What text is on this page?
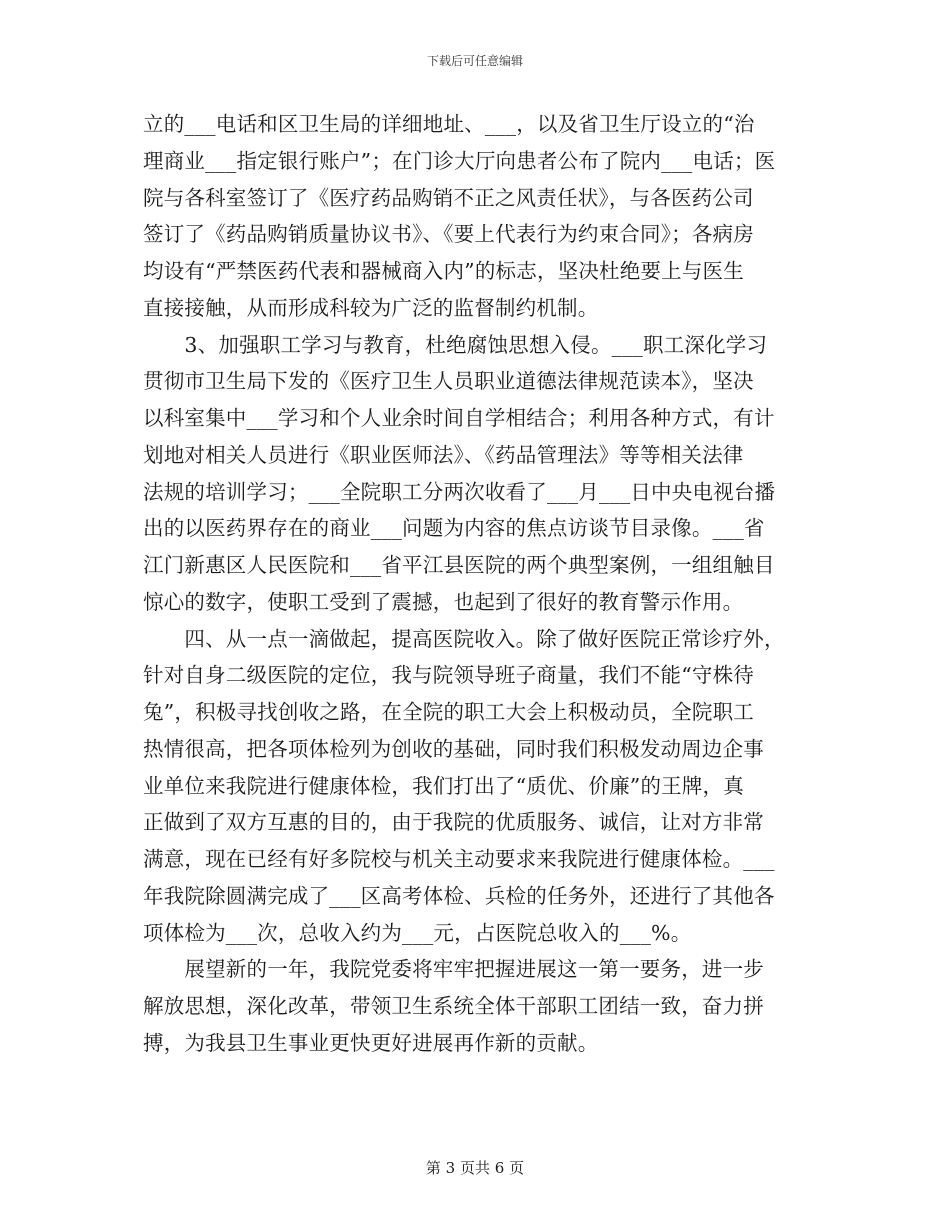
下载后可任意编辑
立的___电话和区卫生局的详细地址、___，以及省卫生厅设立的“治
理商业___指定银行账户”；在门诊大厅向患者公布了院内___电话；医
院与各科室签订了《医疗药品购销不正之风责任状》，与各医药公司
签订了《药品购销质量协议书》、《要上代表行为约束合同》；各病房
均设有“严禁医药代表和器械商入内”的标志，坚决杜绝要上与医生
直接接触，从而形成科较为广泛的监督制约机制。
　　3、加强职工学习与教育，杜绝腐蚀思想入侵。___职工深化学习
贯彻市卫生局下发的《医疗卫生人员职业道德法律规范读本》，坚决
以科室集中___学习和个人业余时间自学相结合；利用各种方式，有计
划地对相关人员进行《职业医师法》、《药品管理法》等等相关法律
法规的培训学习；___全院职工分两次收看了___月___日中央电视台播
出的以医药界存在的商业___问题为内容的焦点访谈节目录像。___省
江门新惠区人民医院和___省平江县医院的两个典型案例，一组组触目
惊心的数字，使职工受到了震撼，也起到了很好的教育警示作用。
　　四、从一点一滴做起，提高医院收入。除了做好医院正常诊疗外，
针对自身二级医院的定位，我与院领导班子商量，我们不能“守株待
兔”，积极寻找创收之路，在全院的职工大会上积极动员，全院职工
热情很高，把各项体检列为创收的基础，同时我们积极发动周边企事
业单位来我院进行健康体检，我们打出了“质优、价廉”的王牌，真
正做到了双方互惠的目的，由于我院的优质服务、诚信，让对方非常
满意，现在已经有好多院校与机关主动要求来我院进行健康体检。___
年我院除圆满完成了___区高考体检、兵检的任务外，还进行了其他各
项体检为___次，总收入约为___元，占医院总收入的___%。
　　展望新的一年，我院党委将牢牢把握进展这一第一要务，进一步
解放思想，深化改革，带领卫生系统全体干部职工团结一致，奋力拼
搏，为我县卫生事业更快更好进展再作新的贡献。
第 3 页共 6 页
